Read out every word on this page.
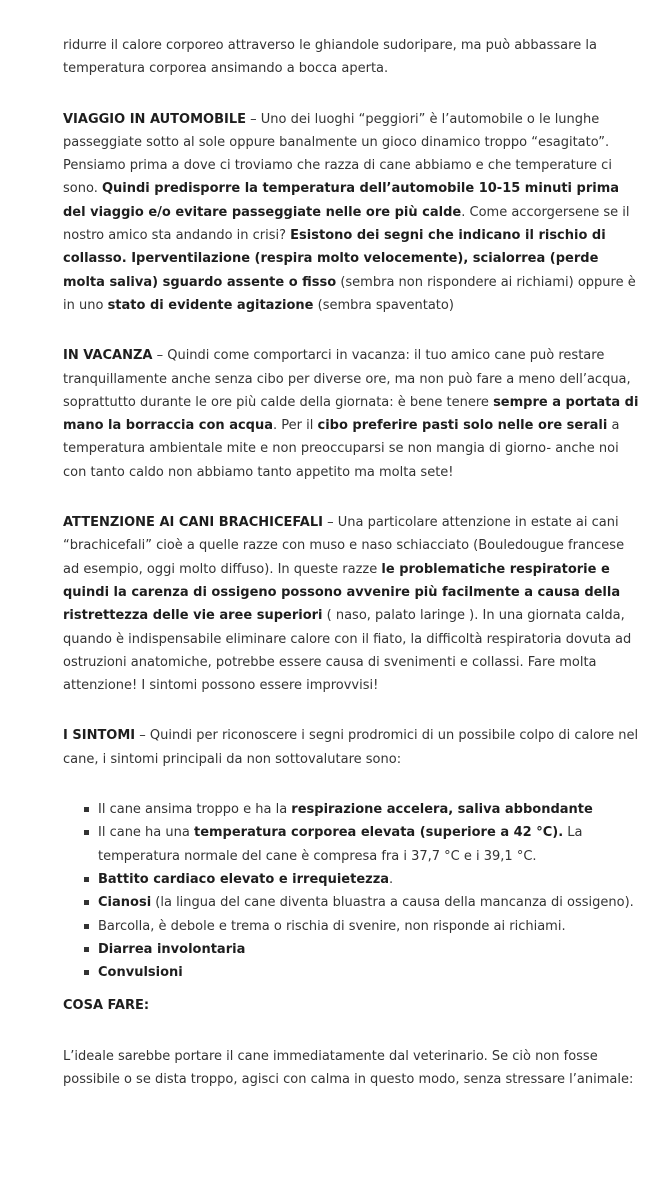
ridurre il calore corporeo attraverso le ghiandole sudoripare, ma può abbassare la temperatura corporea ansimando a bocca aperta.

VIAGGIO IN AUTOMOBILE – Uno dei luoghi “peggiori” è l’automobile o le lunghe passeggiate sotto al sole oppure banalmente un gioco dinamico troppo “esagitato”. Pensiamo prima a dove ci troviamo che razza di cane abbiamo e che temperature ci sono. Quindi predisporre la temperatura dell’automobile 10-15 minuti prima del viaggio e/o evitare passeggiate nelle ore più calde. Come accorgersene se il nostro amico sta andando in crisi? Esistono dei segni che indicano il rischio di collasso. Iperventilazione (respira molto velocemente), scialorrea (perde molta saliva) sguardo assente o fisso (sembra non rispondere ai richiami) oppure è in uno stato di evidente agitazione (sembra spaventato)

IN VACANZA – Quindi come comportarci in vacanza: il tuo amico cane può restare tranquillamente anche senza cibo per diverse ore, ma non può fare a meno dell’acqua, soprattutto durante le ore più calde della giornata: è bene tenere sempre a portata di mano la borraccia con acqua. Per il cibo preferire pasti solo nelle ore serali a temperatura ambientale mite e non preoccuparsi se non mangia di giorno- anche noi con tanto caldo non abbiamo tanto appetito ma molta sete!

ATTENZIONE AI CANI BRACHICEFALI – Una particolare attenzione in estate ai cani “brachicefali” cioè a quelle razze con muso e naso schiacciato (Bouledougue francese ad esempio, oggi molto diffuso). In queste razze le problematiche respiratorie e quindi la carenza di ossigeno possono avvenire più facilmente a causa della ristrettezza delle vie aree superiori ( naso, palato laringe ). In una giornata calda, quando è indispensabile eliminare calore con il fiato, la difficoltà respiratoria dovuta ad ostruzioni anatomiche, potrebbe essere causa di svenimenti e collassi. Fare molta attenzione! I sintomi possono essere improvvisi!

I SINTOMI – Quindi per riconoscere i segni prodromici di un possibile colpo di calore nel cane, i sintomi principali da non sottovalutare sono:

Il cane ansima troppo e ha la respirazione accelera, saliva abbondante
Il cane ha una temperatura corporea elevata (superiore a 42 °C). La temperatura normale del cane è compresa fra i 37,7 °C e i 39,1 °C.
Battito cardiaco elevato e irrequietezza.
Cianosi (la lingua del cane diventa bluastra a causa della mancanza di ossigeno).
Barcolla, è debole e trema o rischia di svenire, non risponde ai richiami.
Diarrea involontaria
Convulsioni

COSA FARE:

L’ideale sarebbe portare il cane immediatamente dal veterinario. Se ciò non fosse possibile o se dista troppo, agisci con calma in questo modo, senza stressare l’animale:
